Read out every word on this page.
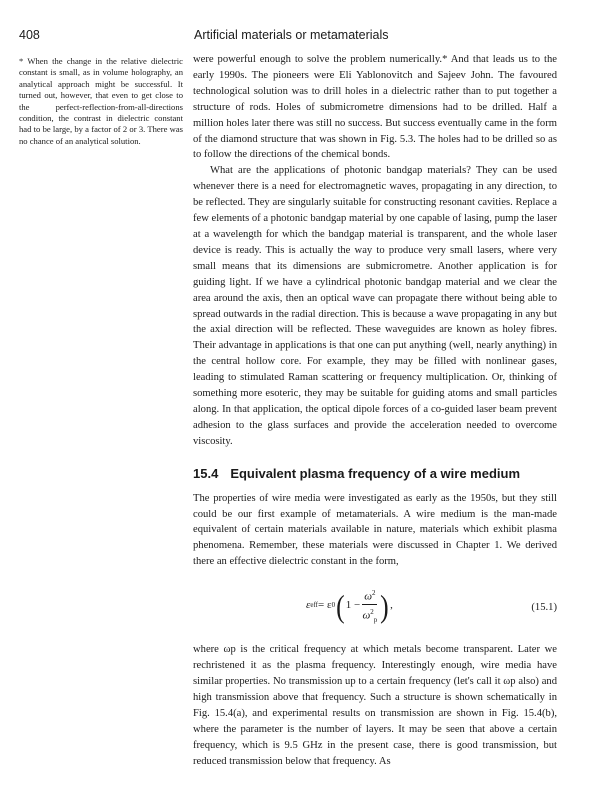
408	Artificial materials or metamaterials
* When the change in the relative dielectric constant is small, as in volume holography, an analytical approach might be successful. It turned out, however, that even to get close to the perfect-reflection-from-all-directions condition, the contrast in dielectric constant had to be large, by a factor of 2 or 3. There was no chance of an analytical solution.

were powerful enough to solve the problem numerically.* And that leads us to the early 1990s. The pioneers were Eli Yablonovitch and Sajeev John. The favoured technological solution was to drill holes in a dielectric rather than to put together a structure of rods. Holes of submicrometre dimensions had to be drilled. Half a million holes later there was still no success. But success eventually came in the form of the diamond structure that was shown in Fig. 5.3. The holes had to be drilled so as to follow the directions of the chemical bonds.

What are the applications of photonic bandgap materials? They can be used whenever there is a need for electromagnetic waves, propagating in any direction, to be reflected. They are singularly suitable for constructing resonant cavities. Replace a few elements of a photonic bandgap material by one capable of lasing, pump the laser at a wavelength for which the bandgap material is transparent, and the whole laser device is ready. This is actually the way to produce very small lasers, where very small means that its dimensions are submicrometre. Another application is for guiding light. If we have a cylindrical photonic bandgap material and we clear the area around the axis, then an optical wave can propagate there without being able to spread outwards in the radial direction. This is because a wave propagating in any but the axial direction will be reflected. These waveguides are known as holey fibres. Their advantage in applications is that one can put anything (well, nearly anything) in the central hollow core. For example, they may be filled with nonlinear gases, leading to stimulated Raman scattering or frequency multiplication. Or, thinking of something more esoteric, they may be suitable for guiding atoms and small particles along. In that application, the optical dipole forces of a co-guided laser beam prevent adhesion to the glass surfaces and provide the acceleration needed to overcome viscosity.

15.4 Equivalent plasma frequency of a wire medium

The properties of wire media were investigated as early as the 1950s, but they still could be our first example of metamaterials. A wire medium is the man-made equivalent of certain materials available in nature, materials which exhibit plasma phenomena. Remember, these materials were discussed in Chapter 1. We derived there an effective dielectric constant in the form,

ε eff = ε 0 ( $1 - \frac{\omega^2}{\omega^2_p}$ ) ,	(15.1)

where ωp is the critical frequency at which metals become transparent. Later we rechristened it as the plasma frequency. Interestingly enough, wire media have similar properties. No transmission up to a certain frequency (let's call it ωp also) and high transmission above that frequency. Such a structure is shown schematically in Fig. 15.4(a), and experimental results on transmission are shown in Fig. 15.4(b), where the parameter is the number of layers. It may be seen that above a certain frequency, which is 9.5 GHz in the present case, there is good transmission, but reduced transmission below that frequency. As
